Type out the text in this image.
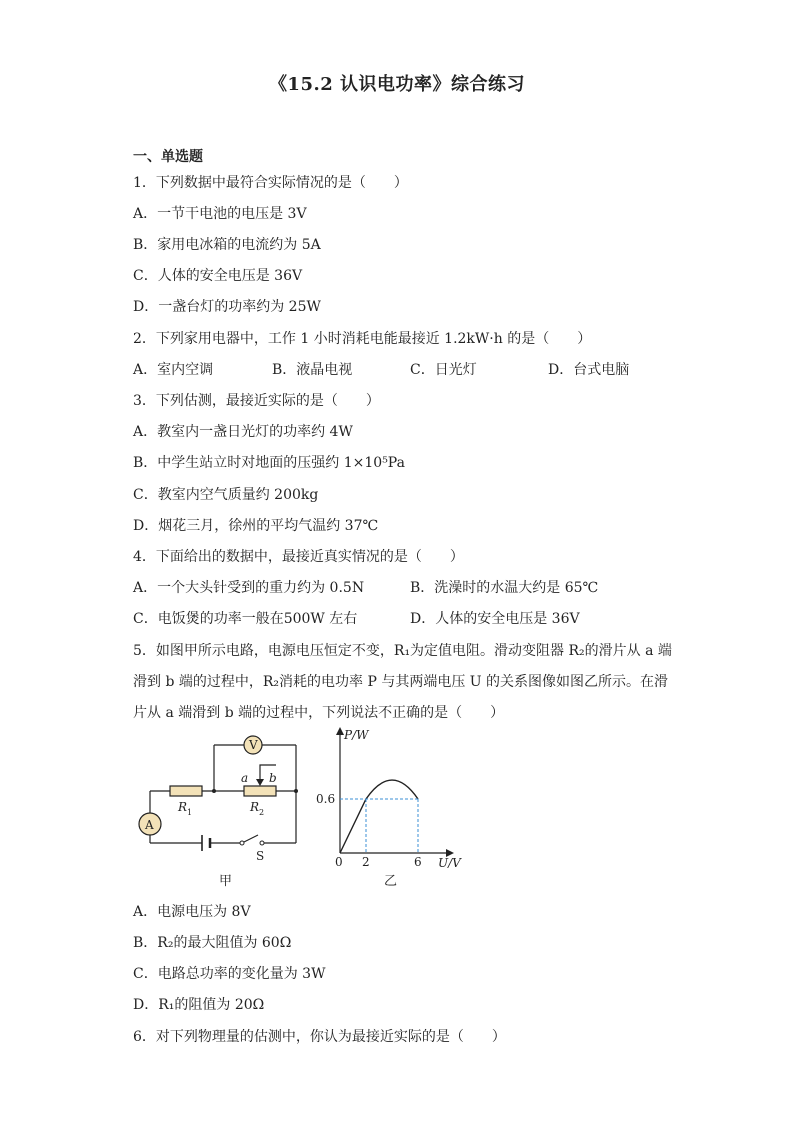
《15.2 认识电功率》综合练习
一、单选题
1．下列数据中最符合实际情况的是（　　）
A．一节干电池的电压是 3V
B．家用电冰箱的电流约为 5A
C．人体的安全电压是 36V
D．一盏台灯的功率约为 25W
2．下列家用电器中，工作 1 小时消耗电能最接近 1.2kW·h 的是（　　）
A．室内空调	B．液晶电视	C．日光灯	D．台式电脑
3．下列估测，最接近实际的是（　　）
A．教室内一盏日光灯的功率约 4W
B．中学生站立时对地面的压强约 1×10⁵Pa
C．教室内空气质量约 200kg
D．烟花三月，徐州的平均气温约 37℃
4．下面给出的数据中，最接近真实情况的是（　　）
A．一个大头针受到的重力约为 0.5N	B．洗澡时的水温大约是 65℃
C．电饭煲的功率一般在500W 左右	D．人体的安全电压是 36V
5．如图甲所示电路，电源电压恒定不变，R₁为定值电阻。滑动变阻器 R₂的滑片从 a 端
滑到 b 端的过程中，R₂消耗的电功率 P 与其两端电压 U 的关系图像如图乙所示。在滑
片从 a 端滑到 b 端的过程中，下列说法不正确的是（　　）
V
A
R 1	R 2
a b
S
甲
P/W
U/V
0 2	6
0.6
乙
A．电源电压为 8V
B．R₂的最大阻值为 60Ω
C．电路总功率的变化量为 3W
D．R₁的阻值为 20Ω
6．对下列物理量的估测中，你认为最接近实际的是（　　）
